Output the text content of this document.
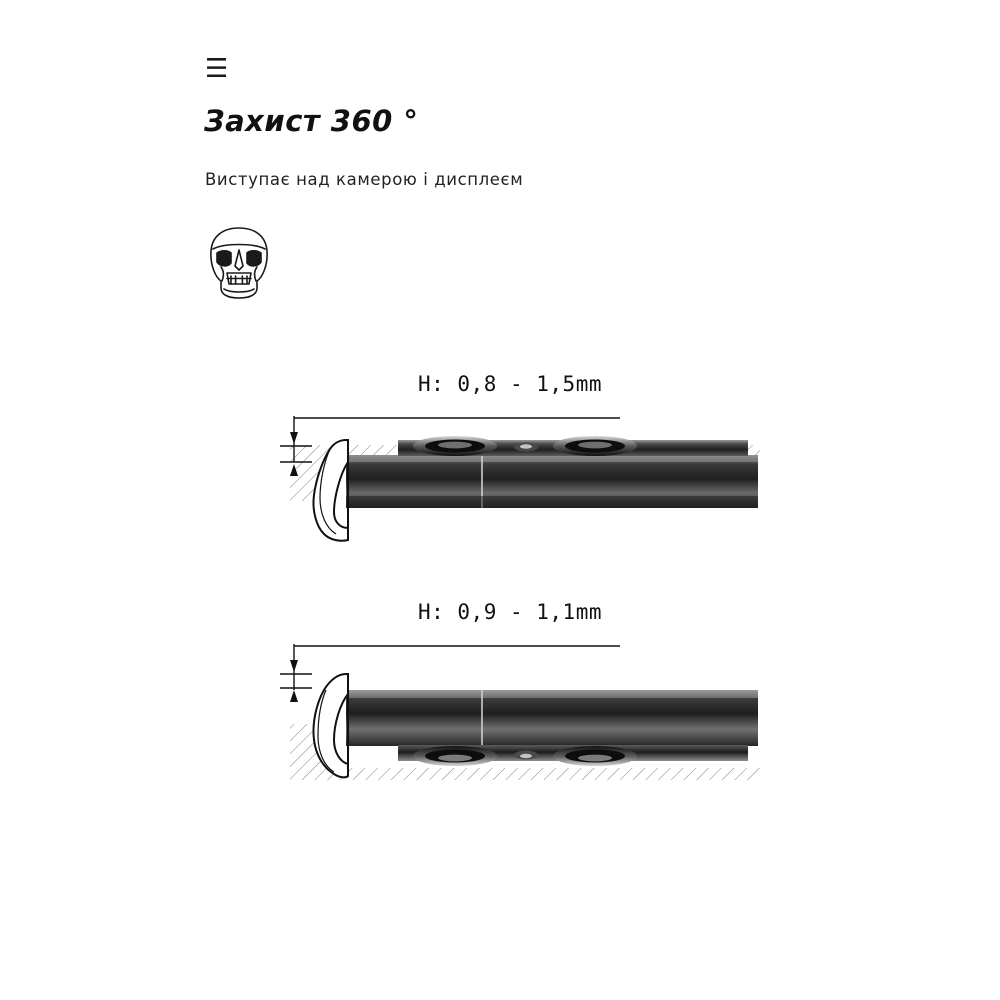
☰
Захист 360 °

Виступає над камерою і дисплеєм

H: 0,8 - 1,5mm
H: 0,9 - 1,1mm
